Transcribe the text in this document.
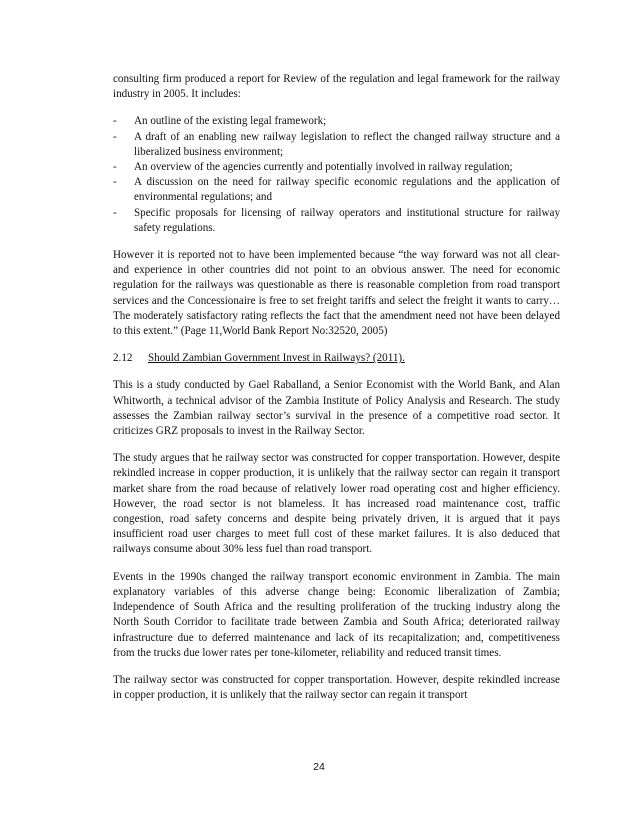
consulting firm produced a report for Review of the regulation and legal framework for the railway industry in 2005. It includes:

- An outline of the existing legal framework;
- A draft of an enabling new railway legislation to reflect the changed railway structure and a liberalized business environment;
- An overview of the agencies currently and potentially involved in railway regulation;
- A discussion on the need for railway specific economic regulations and the application of environmental regulations; and
- Specific proposals for licensing of railway operators and institutional structure for railway safety regulations.

However it is reported not to have been implemented because “the way forward was not all clear-and experience in other countries did not point to an obvious answer. The need for economic regulation for the railways was questionable as there is reasonable completion from road transport services and the Concessionaire is free to set freight tariffs and select the freight it wants to carry…The moderately satisfactory rating reflects the fact that the amendment need not have been delayed to this extent.” (Page 11,World Bank Report No:32520, 2005)

2.12	Should Zambian Government Invest in Railways? (2011).

This is a study conducted by Gael Raballand, a Senior Economist with the World Bank, and Alan Whitworth, a technical advisor of the Zambia Institute of Policy Analysis and Research. The study assesses the Zambian railway sector’s survival in the presence of a competitive road sector. It criticizes GRZ proposals to invest in the Railway Sector.

The study argues that he railway sector was constructed for copper transportation. However, despite rekindled increase in copper production, it is unlikely that the railway sector can regain it transport market share from the road because of relatively lower road operating cost and higher efficiency. However, the road sector is not blameless. It has increased road maintenance cost, traffic congestion, road safety concerns and despite being privately driven, it is argued that it pays insufficient road user charges to meet full cost of these market failures. It is also deduced that railways consume about 30% less fuel than road transport.

Events in the 1990s changed the railway transport economic environment in Zambia. The main explanatory variables of this adverse change being: Economic liberalization of Zambia; Independence of South Africa and the resulting proliferation of the trucking industry along the North South Corridor to facilitate trade between Zambia and South Africa; deteriorated railway infrastructure due to deferred maintenance and lack of its recapitalization; and, competitiveness from the trucks due lower rates per tone-kilometer, reliability and reduced transit times.

The railway sector was constructed for copper transportation. However, despite rekindled increase in copper production, it is unlikely that the railway sector can regain it transport

24
